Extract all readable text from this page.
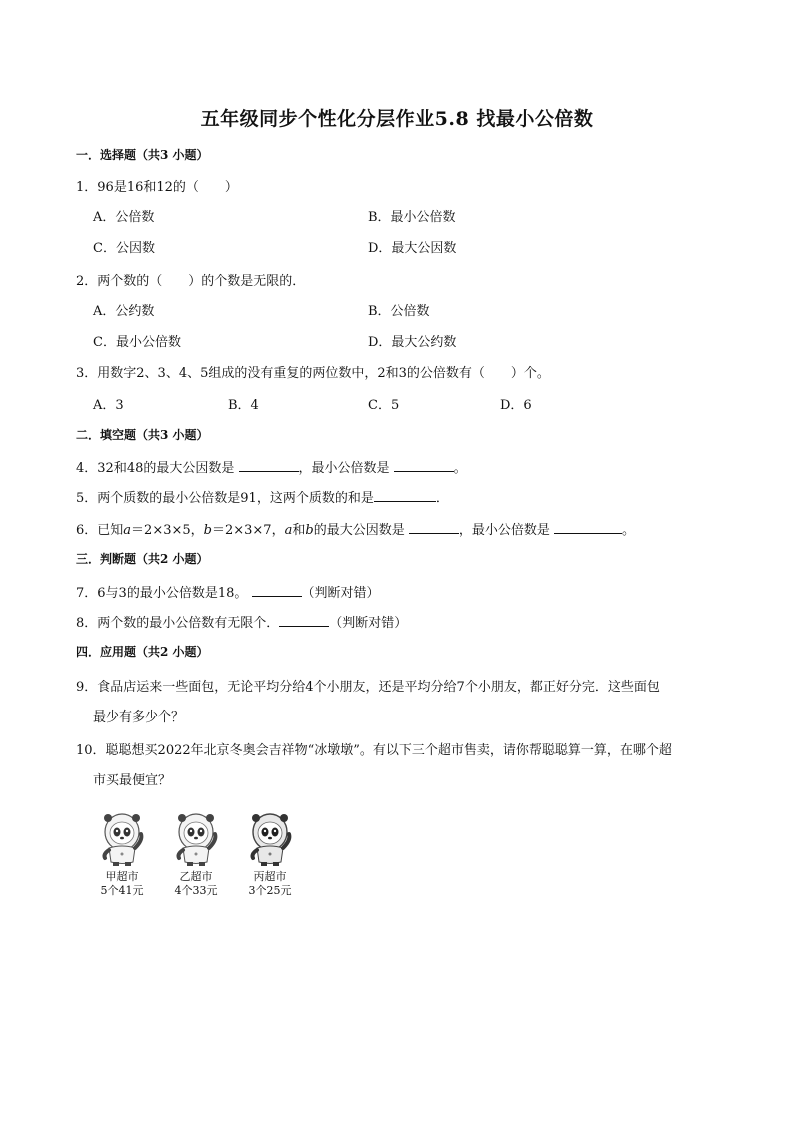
五年级同步个性化分层作业5.8 找最小公倍数
一．选择题（共3 小题）
1．96是16和12的（　　）
A．公倍数	B．最小公倍数
C．公因数	D．最大公因数
2．两个数的（　　）的个数是无限的．
A．公约数	B．公倍数
C．最小公倍数	D．最大公约数
3．用数字2、3、4、5组成的没有重复的两位数中，2和3的公倍数有（　　）个。
A．3	B．4	C．5	D．6
二．填空题（共3 小题）
4．32和48的最大公因数是	，最小公倍数是	。
5．两个质数的最小公倍数是91，这两个质数的和是	．
6．已知a＝2×3×5，b＝2×3×7，a和b的最大公因数是	，最小公倍数是	。
三．判断题（共2 小题）
7．6与3的最小公倍数是18。	（判断对错）
8．两个数的最小公倍数有无限个．	（判断对错）
四．应用题（共2 小题）
9．食品店运来一些面包，无论平均分给4个小朋友，还是平均分给7个小朋友，都正好分完．这些面包
最少有多少个？
10．聪聪想买2022年北京冬奥会吉祥物“冰墩墩”。有以下三个超市售卖，请你帮聪聪算一算，在哪个超
市买最便宜？
甲超市
5个41元
乙超市
4个33元
丙超市
3个25元
